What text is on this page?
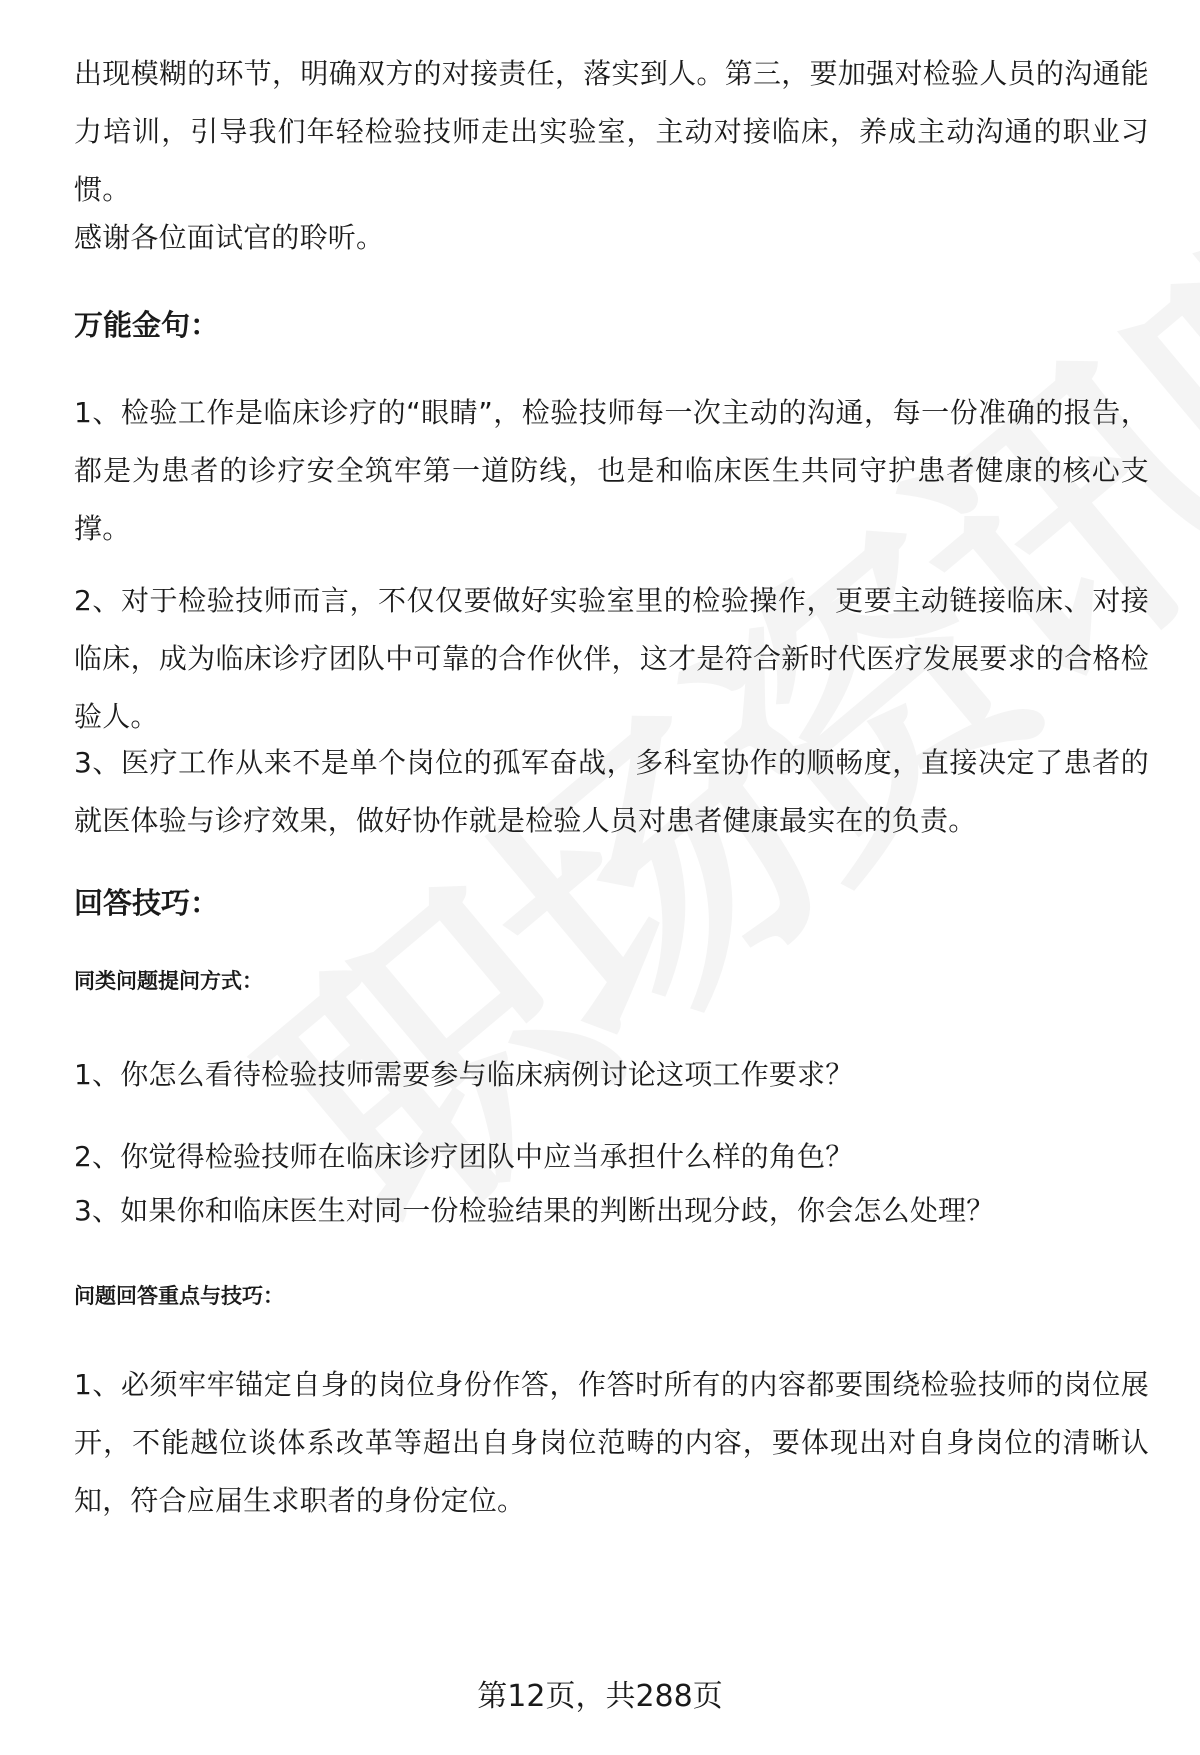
出现模糊的环节，明确双方的对接责任，落实到人。第三，要加强对检验人员的沟通能力培训，引导我们年轻检验技师走出实验室，主动对接临床，养成主动沟通的职业习惯。

感谢各位面试官的聆听。

万能金句：

1、检验工作是临床诊疗的“眼睛”，检验技师每一次主动的沟通，每一份准确的报告，都是为患者的诊疗安全筑牢第一道防线，也是和临床医生共同守护患者健康的核心支撑。

2、对于检验技师而言，不仅仅要做好实验室里的检验操作，更要主动链接临床、对接临床，成为临床诊疗团队中可靠的合作伙伴，这才是符合新时代医疗发展要求的合格检验人。

3、医疗工作从来不是单个岗位的孤军奋战，多科室协作的顺畅度，直接决定了患者的就医体验与诊疗效果，做好协作就是检验人员对患者健康最实在的负责。

回答技巧：
同类问题提问方式：

1、你怎么看待检验技师需要参与临床病例讨论这项工作要求？

2、你觉得检验技师在临床诊疗团队中应当承担什么样的角色？

3、如果你和临床医生对同一份检验结果的判断出现分歧，你会怎么处理？

问题回答重点与技巧：

1、必须牢牢锚定自身的岗位身份作答，作答时所有的内容都要围绕检验技师的岗位展开，不能越位谈体系改革等超出自身岗位范畴的内容，要体现出对自身岗位的清晰认知，符合应届生求职者的身份定位。

第12页，共288页
